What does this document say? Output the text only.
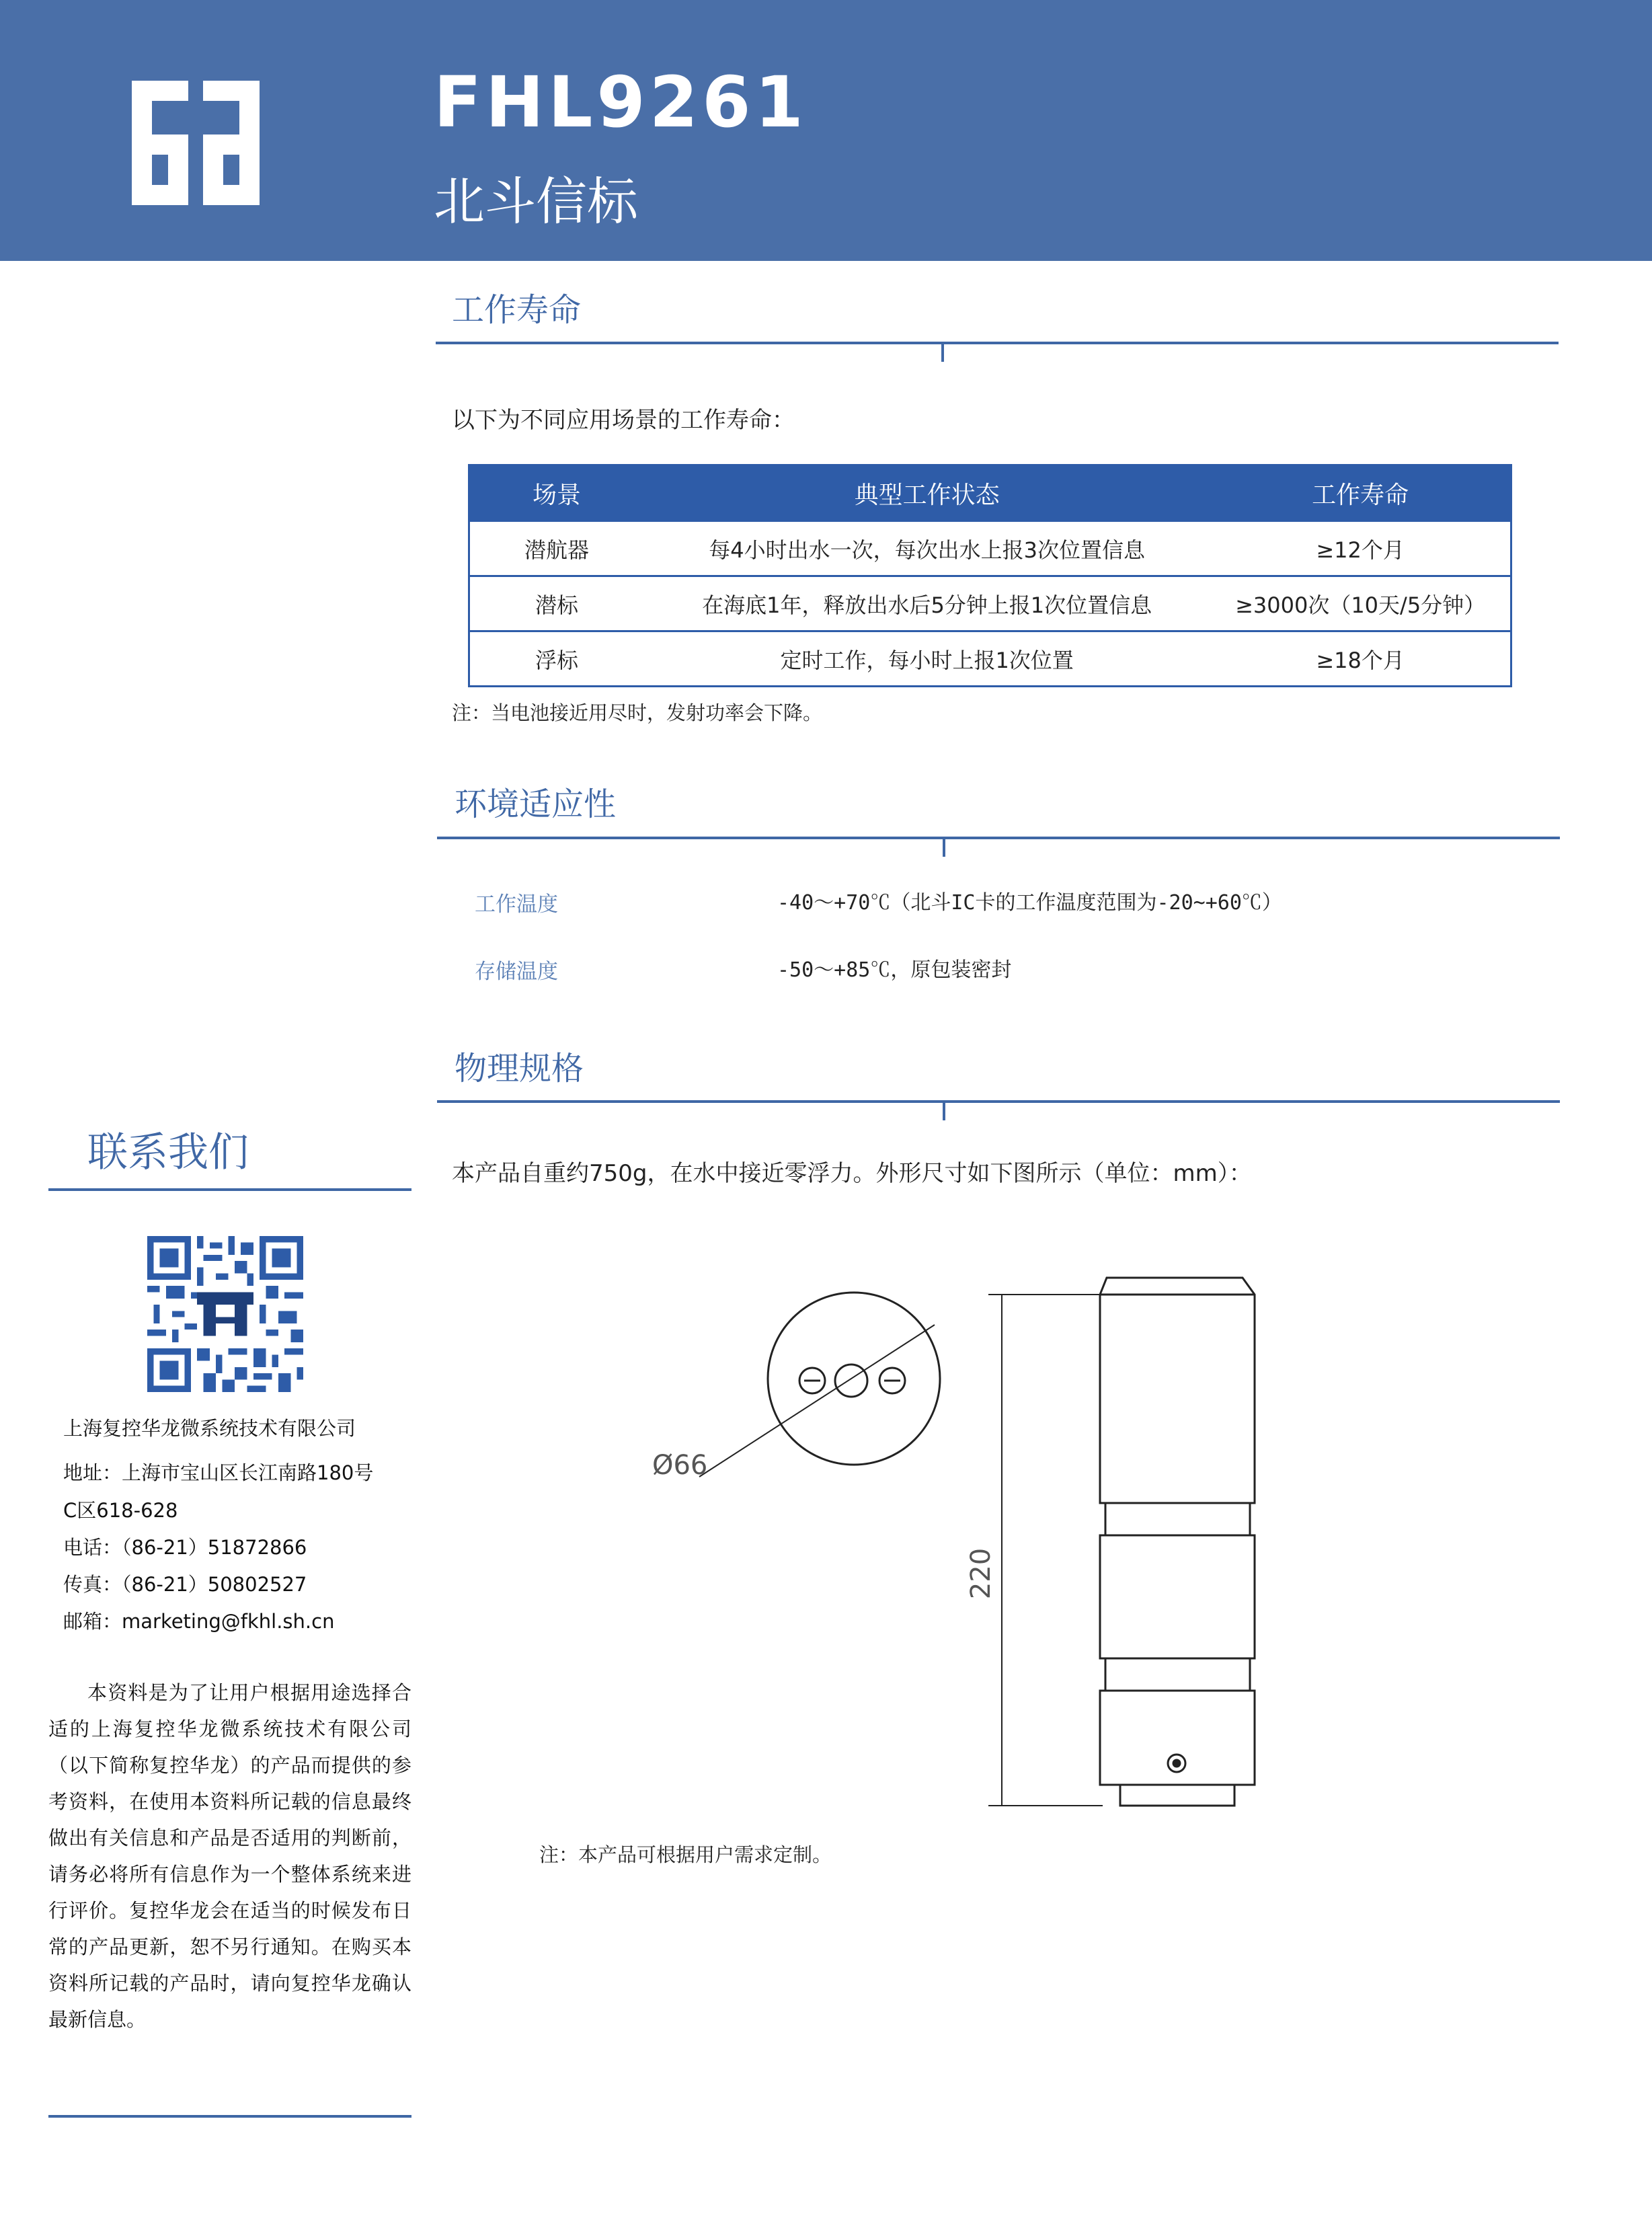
FHL9261
北斗信标
工作寿命
以下为不同应用场景的工作寿命：
场景	典型工作状态	工作寿命
潜航器	每4小时出水一次，每次出水上报3次位置信息	≥12个月
潜标	在海底1年，释放出水后5分钟上报1次位置信息	≥3000次（10天/5分钟）
浮标	定时工作，每小时上报1次位置	≥18个月
注：当电池接近用尽时，发射功率会下降。
环境适应性
工作温度	-40～+70℃（北斗IC卡的工作温度范围为-20~+60℃）
存储温度	-50～+85℃，原包装密封
物理规格
本产品自重约750g，在水中接近零浮力。外形尺寸如下图所示（单位：mm）：
Ø66
220
注：本产品可根据用户需求定制。
联系我们
上海复控华龙微系统技术有限公司
地址：上海市宝山区长江南路180号
C区618-628
电话：（86-21）51872866
传真：（86-21）50802527
邮箱：marketing@fkhl.sh.cn

本资料是为了让用户根据用途选择合适的上海复控华龙微系统技术有限公司（以下简称复控华龙）的产品而提供的参考资料，在使用本资料所记载的信息最终做出有关信息和产品是否适用的判断前，请务必将所有信息作为一个整体系统来进行评价。复控华龙会在适当的时候发布日常的产品更新，恕不另行通知。在购买本资料所记载的产品时，请向复控华龙确认最新信息。
